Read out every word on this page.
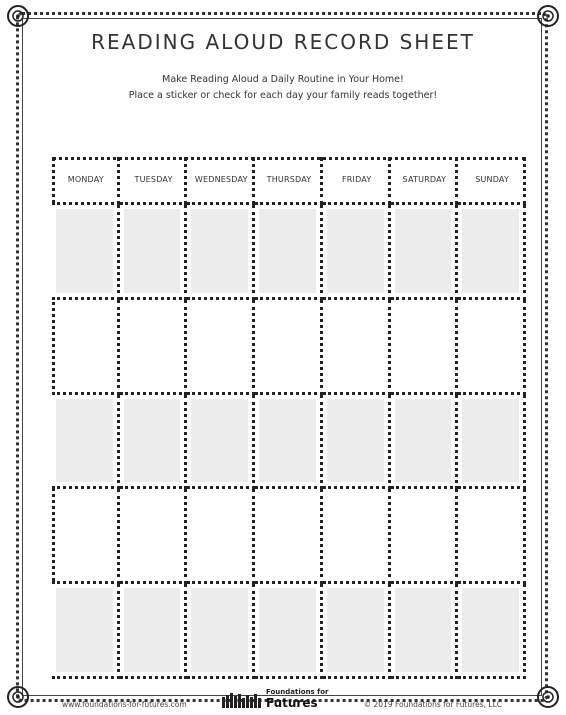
READING ALOUD RECORD SHEET
Make Reading Aloud a Daily Routine in Your Home!
Place a sticker or check for each day your family reads together!
MONDAY	TUESDAY	WEDNESDAY	THURSDAY	FRIDAY	SATURDAY	SUNDAY
www.foundations-for-futures.com
Foundations for
Futures	© 2019 Foundations for Futures, LLC
